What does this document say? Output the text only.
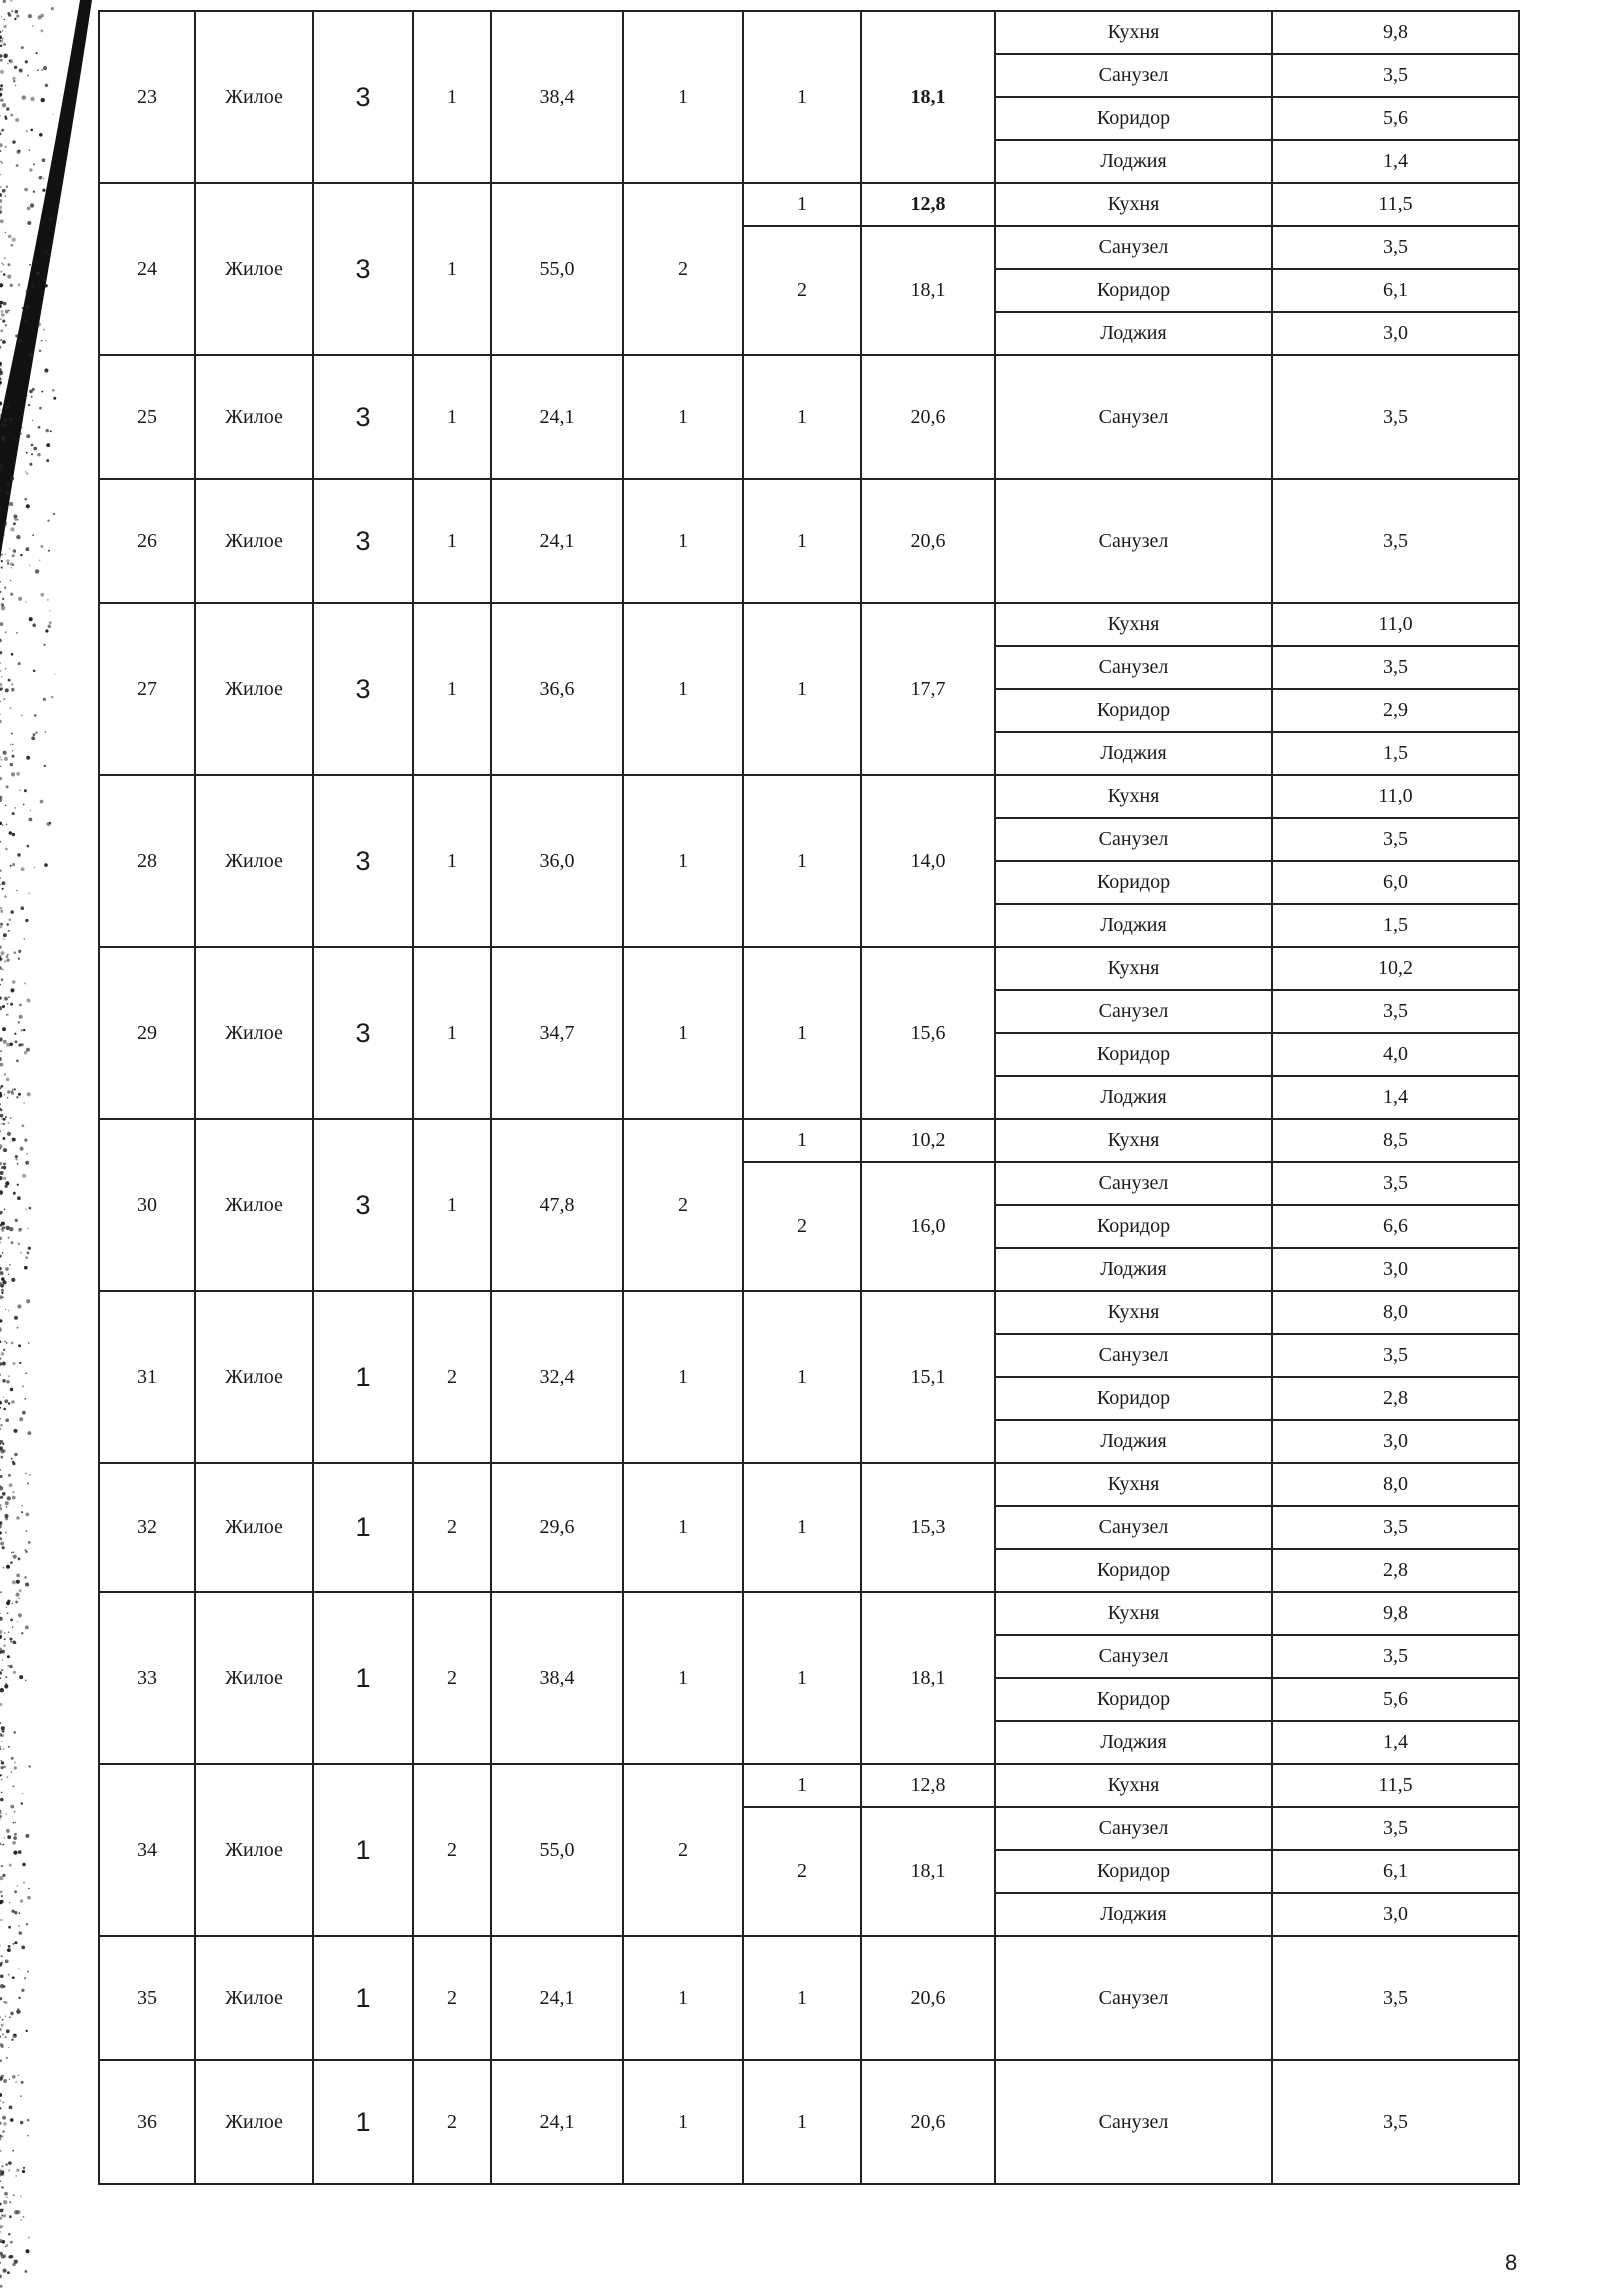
23	Жилое	3	1	38,4	1	1	18,1	Кухня	9,8
								Санузел	3,5
								Коридор	5,6
								Лоджия	1,4
24	Жилое	3	1	55,0	2	1	12,8	Кухня	11,5
						2	18,1	Санузел	3,5
								Коридор	6,1
								Лоджия	3,0
25	Жилое	3	1	24,1	1	1	20,6	Санузел	3,5
26	Жилое	3	1	24,1	1	1	20,6	Санузел	3,5
27	Жилое	3	1	36,6	1	1	17,7	Кухня	11,0
								Санузел	3,5
								Коридор	2,9
								Лоджия	1,5
28	Жилое	3	1	36,0	1	1	14,0	Кухня	11,0
								Санузел	3,5
								Коридор	6,0
								Лоджия	1,5
29	Жилое	3	1	34,7	1	1	15,6	Кухня	10,2
								Санузел	3,5
								Коридор	4,0
								Лоджия	1,4
30	Жилое	3	1	47,8	2	1	10,2	Кухня	8,5
						2	16,0	Санузел	3,5
								Коридор	6,6
								Лоджия	3,0
31	Жилое	1	2	32,4	1	1	15,1	Кухня	8,0
								Санузел	3,5
								Коридор	2,8
								Лоджия	3,0
32	Жилое	1	2	29,6	1	1	15,3	Кухня	8,0
								Санузел	3,5
								Коридор	2,8
33	Жилое	1	2	38,4	1	1	18,1	Кухня	9,8
								Санузел	3,5
								Коридор	5,6
								Лоджия	1,4
34	Жилое	1	2	55,0	2	1	12,8	Кухня	11,5
						2	18,1	Санузел	3,5
								Коридор	6,1
								Лоджия	3,0
35	Жилое	1	2	24,1	1	1	20,6	Санузел	3,5
36	Жилое	1	2	24,1	1	1	20,6	Санузел	3,5
8
